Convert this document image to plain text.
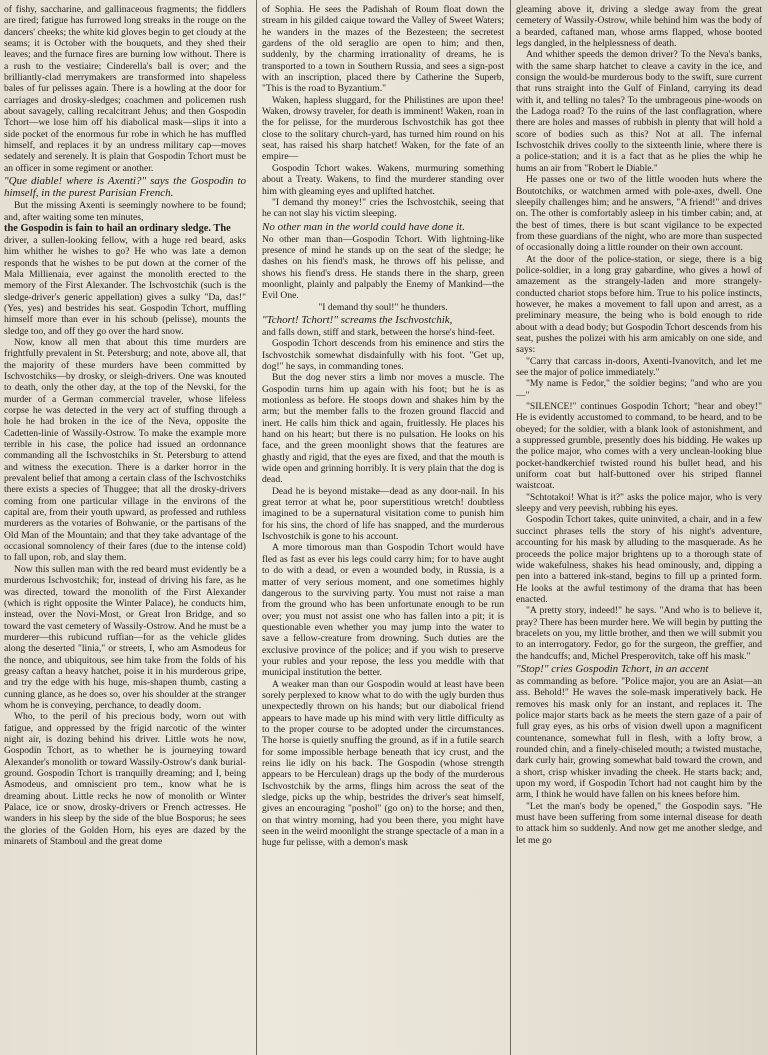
of fishy, saccharine, and gallinaceous fragments; the fiddlers are tired; fatigue has furrowed long streaks in the rouge on the dancers' cheeks; the white kid gloves begin to get cloudy at the seams; it is October with the bouquets, and they shed their leaves; and the furnace fires are burning low without. There is a rush to the vestiaire; Cinderella's ball is over; and the brilliantly-clad merrymakers are transformed into shapeless bales of fur pelisses again. There is a howling at the door for carriages and drosky-sledges; coachmen and policemen rush about savagely, calling recalcitrant Jehus; and then Gospodin Tchort—we lose him off his diabolical mask—slips it into a side pocket of the enormous fur robe in which he has muffled himself, and replaces it by an undress military cap—moves sedately and serenely. It is plain that Gospodin Tchort must be an officer in some regiment or another.

"Que diable! where is Axenti?" says the Gospodin to himself, in the purest Parisian French.

But the missing Axenti is seemingly nowhere to be found; and, after waiting some ten minutes,

the Gospodin is fain to hail an ordinary sledge. The

driver, a sullen-looking fellow, with a huge red beard, asks him whither he wishes to go? He who was late a demon responds that he wishes to be put down at the corner of the Mala Millienaia, ever against the monolith erected to the memory of the First Alexander. The Ischvostchik (such is the sledge-driver's generic appellation) gives a sulky "Da, das!" (Yes, yes) and bestrides his seat. Gospodin Tchort, muffling himself more than ever in his schoub (pelisse), mounts the sledge too, and off they go over the hard snow.

Now, know all men that about this time murders are frightfully prevalent in St. Petersburg; and note, above all, that the majority of these murders have been committed by Ischvostchiks—by drosky, or sleigh-drivers. One was knouted to death, only the other day, at the top of the Nevski, for the murder of a German commercial traveler, whose lifeless corpse he was detected in the very act of stuffing through a hole he had broken in the ice of the Neva, opposite the Cadetten-linie of Wassily-Ostrow. To make the example more terrible in his case, the police had issued an ordonnance commanding all the Ischvostchiks in St. Petersburg to attend and witness the execution. There is a darker horror in the prevalent belief that among a certain class of the Ischvostchiks there exists a species of Thuggee; that all the drosky-drivers coming from one particular village in the environs of the capital are, from their youth upward, as professed and ruthless murderers as the votaries of Bohwanie, or the partisans of the Old Man of the Mountain; and that they take advantage of the occasional somnolency of their fares (due to the intense cold) to fall upon, rob, and slay them.

Now this sullen man with the red beard must evidently be a murderous Ischvostchik; for, instead of driving his fare, as he was directed, toward the monolith of the First Alexander (which is right opposite the Winter Palace), he conducts him, instead, over the Novi-Most, or Great Iron Bridge, and so toward the vast cemetery of Wassily-Ostrow. And he must be a murderer—this rubicund ruffian—for as the vehicle glides along the deserted "linia," or streets, I, who am Asmodeus for the nonce, and ubiquitous, see him take from the folds of his greasy caftan a heavy hatchet, poise it in his murderous gripe, and try the edge with his huge, mis-shapen thumb, casting a cunning glance, as he does so, over his shoulder at the stranger whom he is conveying, perchance, to deadly doom.

Who, to the peril of his precious body, worn out with fatigue, and oppressed by the frigid narcotic of the winter night air, is dozing behind his driver. Little wots he now, Gospodin Tchort, as to whether he is journeying toward Alexander's monolith or toward Wassily-Ostrow's dank burial-ground. Gospodin Tchort is tranquilly dreaming; and I, being Asmodeus, and omniscient pro tem., know what he is dreaming about. Little recks he now of monolith or Winter Palace, ice or snow, drosky-drivers or French actresses. He wanders in his sleep by the side of the blue Bosporus; he sees the glories of the Golden Horn, his eyes are dazed by the minarets of Stamboul and the great dome

of Sophia. He sees the Padishah of Roum float down the stream in his gilded caique toward the Valley of Sweet Waters; he wanders in the mazes of the Bezesteen; the secretest gardens of the old seraglio are open to him; and then, suddenly, by the charming irrationality of dreams, he is transported to a town in Southern Russia, and sees a sign-post with an inscription, placed there by Catherine the Superb, "This is the road to Byzantium."

Waken, hapless sluggard, for the Philistines are upon thee! Waken, drowsy traveler, for death is imminent! Waken, roan in the for pelisse, for the murderous Ischvostchik has got thee close to the solitary church-yard, has turned him round on his seat, has raised his sharp hatchet! Waken, for the fate of an empire—

Gospodin Tchort wakes. Wakens, murmuring something about a Treaty. Wakens, to find the murderer standing over him with gleaming eyes and uplifted hatchet.

"I demand thy money!" cries the Ischvostchik, seeing that he can not slay his victim sleeping.

No other man in the world could have done it.

No other man than—Gospodin Tchort. With lightning-like presence of mind he stands up on the seat of the sledge; he dashes on his fiend's mask, he throws off his pelisse, and shows his fiend's dress. He stands there in the sharp, green moonlight, plainly and palpably the Enemy of Mankind—the Evil One.

"I demand thy soul!" he thunders.

"Tchort! Tchort!" screams the Ischvostchik,

and falls down, stiff and stark, between the horse's hind-feet.

Gospodin Tchort descends from his eminence and stirs the Ischvostchik somewhat disdainfully with his foot. "Get up, dog!" he says, in commanding tones.

But the dog never stirs a limb nor moves a muscle. The Gospodin turns him up again with his foot; but he is as motionless as before. He stoops down and shakes him by the arm; but the member falls to the frozen ground flaccid and inert. He calls him thick and again, fruitlessly. He places his hand on his heart; but there is no pulsation. He looks on his face, and the green moonlight shows that the features are ghastly and rigid, that the eyes are fixed, and that the mouth is wide open and grinning horribly. It is very plain that the dog is dead.

Dead he is beyond mistake—dead as any door-nail. In his great terror at what he, poor superstitious wretch! doubtless imagined to be a supernatural visitation come to punish him for his sins, the chord of life has snapped, and the murderous Ischvostchik is gone to his account.

A more timorous man than Gospodin Tchort would have fled as fast as ever his legs could carry him; for to have aught to do with a dead, or even a wounded body, in Russia, is a matter of very serious moment, and one sometimes highly dangerous to the surviving party. You must not raise a man from the ground who has been unfortunate enough to be run over; you must not assist one who has fallen into a pit; it is questionable even whether you may jump into the water to save a fellow-creature from drowning. Such duties are the exclusive province of the police; and if you wish to preserve your rubles and your repose, the less you meddle with that municipal institution the better.

A weaker man than our Gospodin would at least have been sorely perplexed to know what to do with the ugly burden thus unexpectedly thrown on his hands; but our diabolical friend appears to have made up his mind with very little difficulty as to the proper course to be adopted under the circumstances. The horse is quietly snuffing the ground, as if in a futile search for some impossible herbage beneath that icy crust, and the reins lie idly on his back. The Gospodin (whose strength appears to be Herculean) drags up the body of the murderous Ischvostchik by the arms, flings him across the seat of the sledge, picks up the whip, bestrides the driver's seat himself, gives an encouraging "poshol" (go on) to the horse; and then, on that wintry morning, had you been there, you might have seen in the weird moonlight the strange spectacle of a man in a huge fur pelisse, with a demon's mask

gleaming above it, driving a sledge away from the great cemetery of Wassily-Ostrow, while behind him was the body of a bearded, caftaned man, whose arms flapped, whose booted legs dangled, in the helplessness of death.

And whither speeds the demon driver? To the Neva's banks, with the same sharp hatchet to cleave a cavity in the ice, and consign the would-be murderous body to the swift, sure current that runs straight into the Gulf of Finland, carrying its dead with it, and telling no tales? To the umbrageous pine-woods on the Ladoga road? To the ruins of the last conflagration, where there are holes and masses of rubbish in plenty that will hold a score of bodies such as this? Not at all. The infernal Ischvostchik drives coolly to the sixteenth linie, where there is a police-station; and it is a fact that as he plies the whip he hums an air from "Robert le Diable."

He passes one or two of the little wooden huts where the Boutotchiks, or watchmen armed with pole-axes, dwell. One sleepily challenges him; and he answers, "A friend!" and drives on. The other is comfortably asleep in his timber cabin; and, at the best of times, there is but scant vigilance to be expected from these guardians of the night, who are more than suspected of occasionally doing a little rounder on their own account.

At the door of the police-station, or siege, there is a big police-soldier, in a long gray gabardine, who gives a howl of amazement as the strangely-laden and more strangely-conducted chariot stops before him. True to his police instincts, however, he makes a movement to fall upon and arrest, as a preliminary measure, the being who is bold enough to ride about with a dead body; but Gospodin Tchort descends from his seat, pushes the polizei with his arm amicably on one side, and says:

"Carry that carcass in-doors, Axenti-Ivanovitch, and let me see the major of police immediately."

"My name is Fedor," the soldier begins; "and who are you—"

"SILENCE!" continues Gospodin Tchort; "hear and obey!" He is evidently accustomed to command, to be heard, and to be obeyed; for the soldier, with a blank look of astonishment, and a suppressed grumble, presently does his bidding. He wakes up the police major, who comes with a very unclean-looking blue pocket-handkerchief twisted round his bullet head, and his uniform coat but half-buttoned over his striped flannel waistcoat.

"Schtotakoi! What is it?" asks the police major, who is very sleepy and very peevish, rubbing his eyes.

Gospodin Tchort takes, quite uninvited, a chair, and in a few succinct phrases tells the story of his night's adventure, accounting for his mask by alluding to the masquerade. As he proceeds the police major brightens up to a thorough state of wide wakefulness, shakes his head ominously, and, dipping a pen into a battered ink-stand, begins to fill up a printed form. He looks at the awful testimony of the drama that has been enacted.

"A pretty story, indeed!" he says. "And who is to believe it, pray? There has been murder here. We will begin by putting the bracelets on you, my little brother, and then we will submit you to an interrogatory. Fedor, go for the surgeon, the greffier, and the handcuffs; and, Michel Presperovitch, take off his mask."

"Stop!" cries Gospodin Tchort, in an accent

as commanding as before. "Police major, you are an Asiat—an ass. Behold!" He waves the sole-mask imperatively back. He removes his mask only for an instant, and replaces it. The police major starts back as he meets the stern gaze of a pair of full gray eyes, as his orbs of vision dwell upon a magnificent countenance, somewhat full in flesh, with a lofty brow, a rounded chin, and a finely-chiseled mouth; a twisted mustache, dark curly hair, growing somewhat bald toward the crown, and a short, crisp whisker invading the cheek. He starts back; and, upon my word, if Gospodin Tchort had not caught him by the arm, I think he would have fallen on his knees before him.

"Let the man's body be opened," the Gospodin says. "He must have been suffering from some internal disease for death to attack him so suddenly. And now get me another sledge, and let me go
